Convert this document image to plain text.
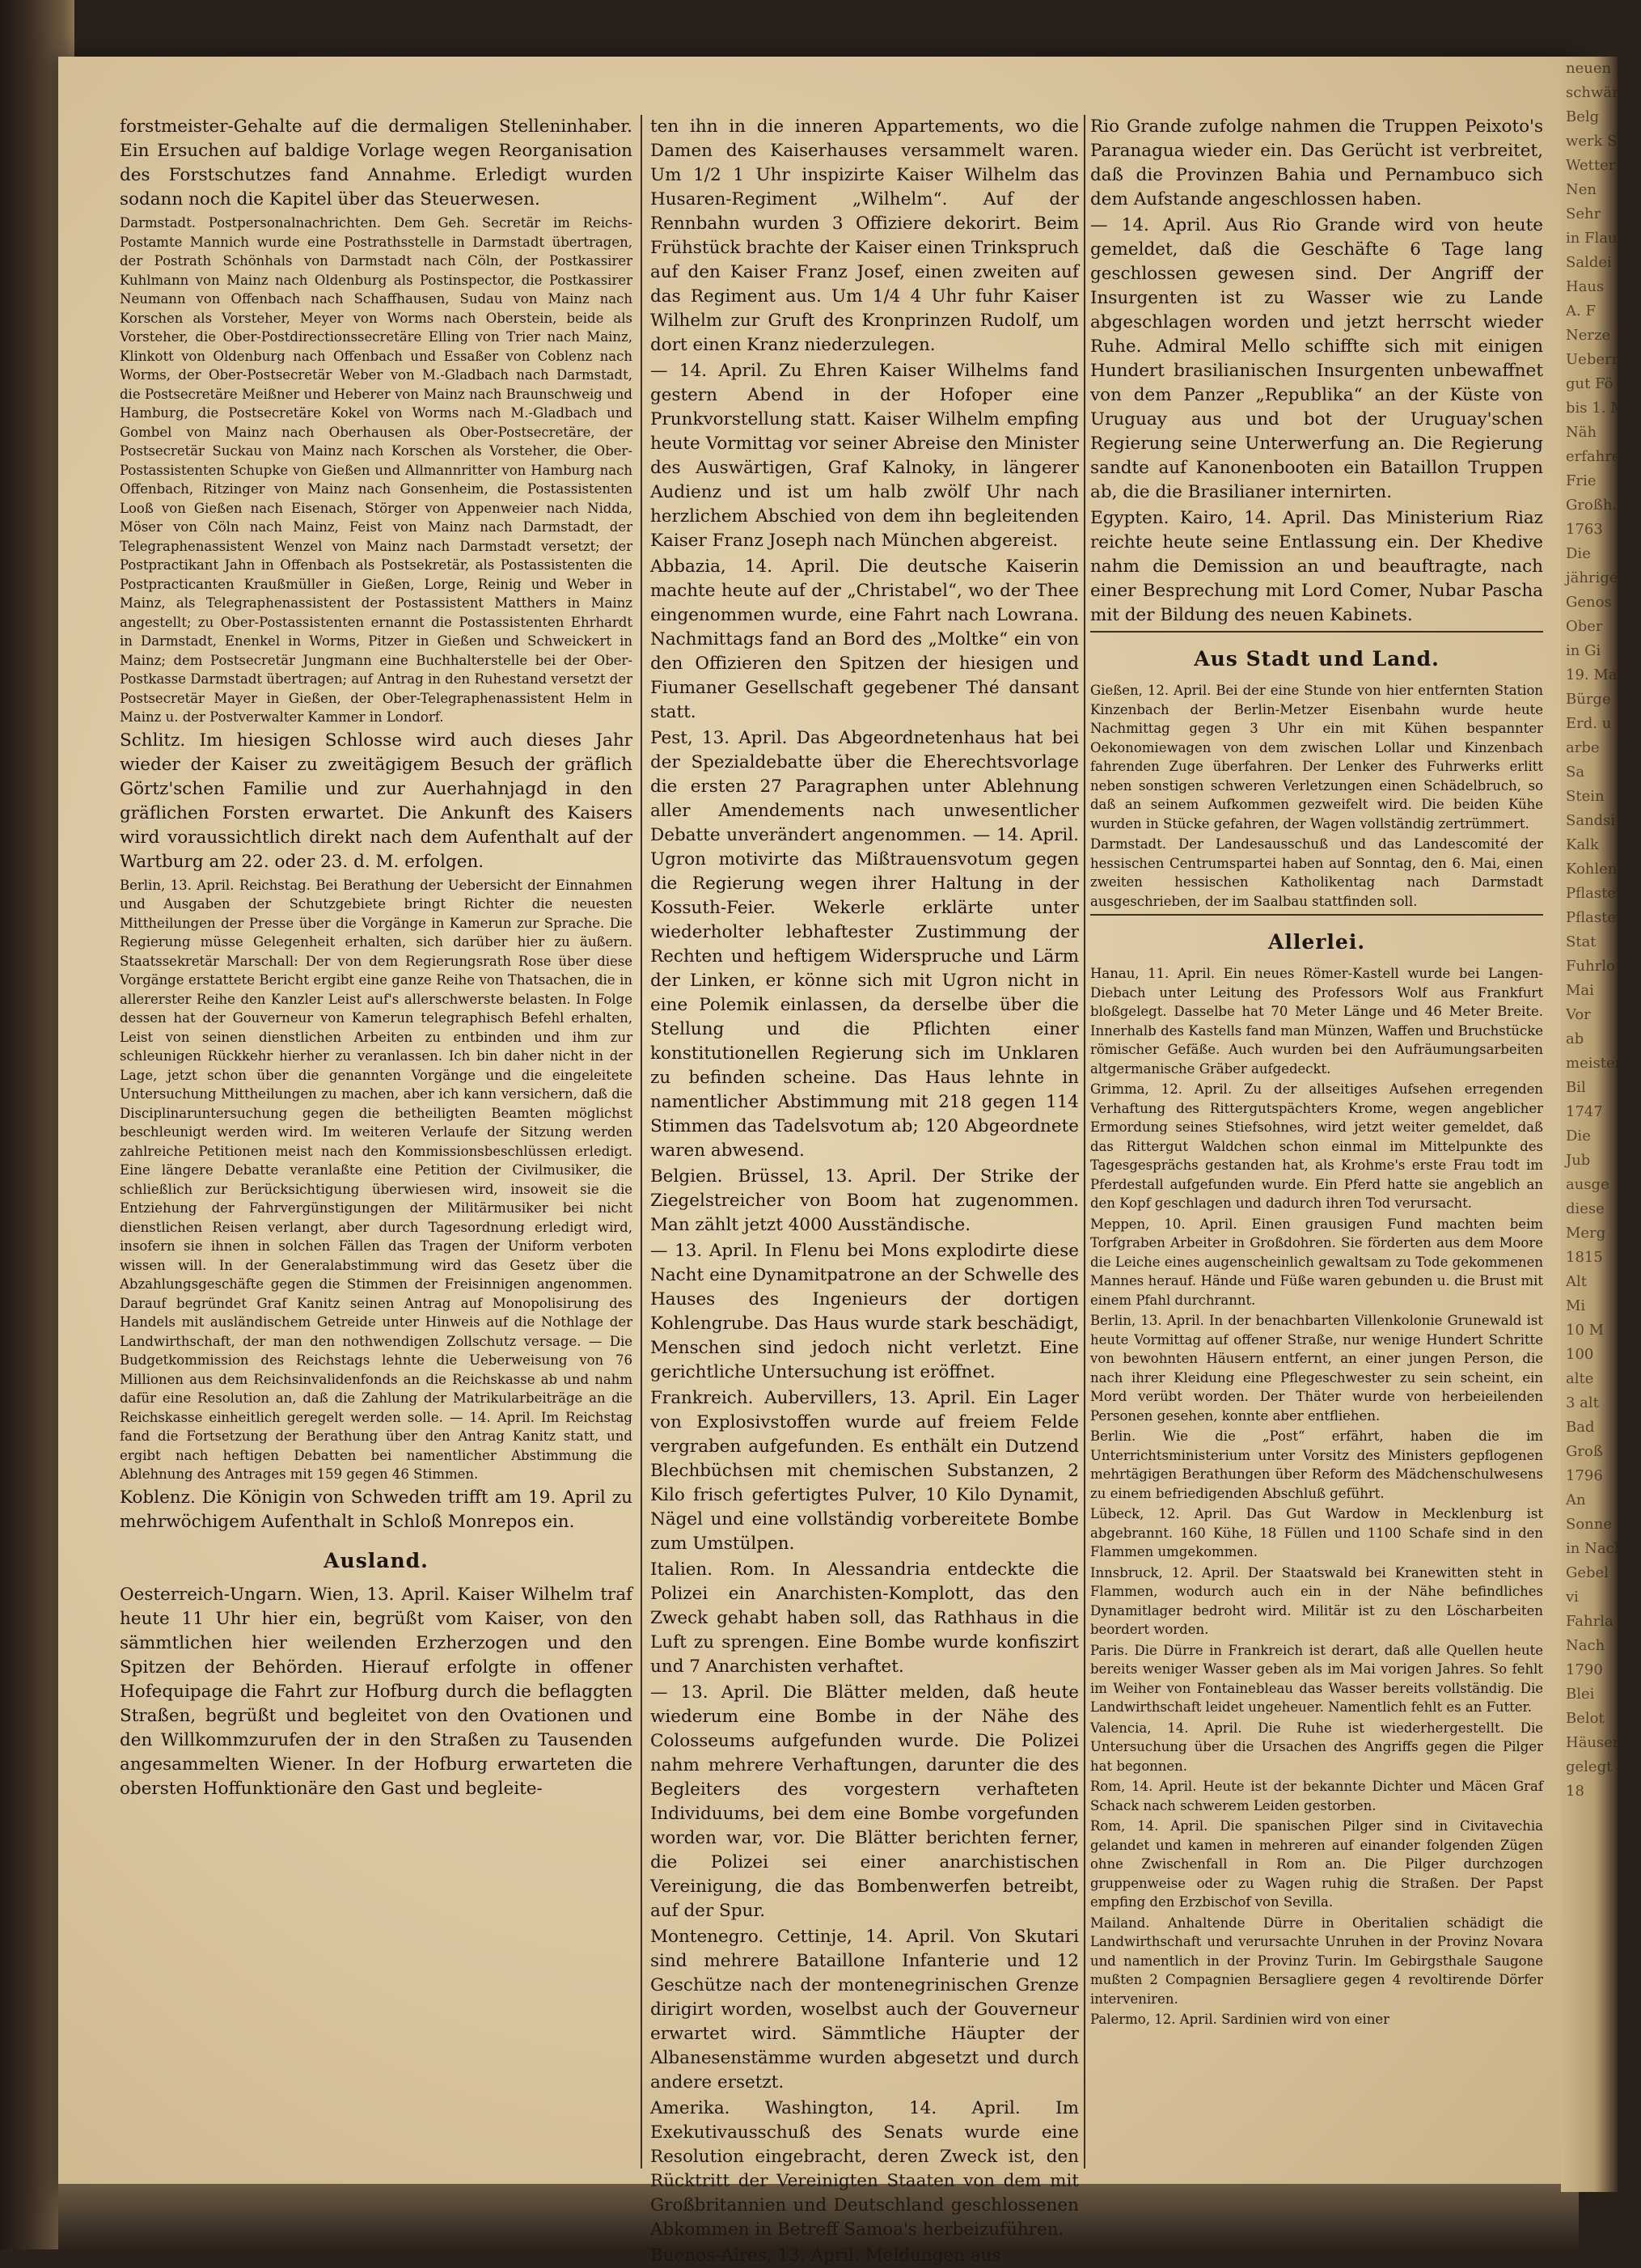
neuen Bl
schwärme
Belg
werk Se
Wetter
Nen
Sehr
in Flau
Saldei
Haus
A. F
Nerze
Ueberna
gut Fö
bis 1. M
Näh
erfahren
Frie
Großh.
1763
Die
jährige
Genos
Ober
in Gi
19. Ma
Bürge
Erd. u
arbe
Sa
Stein
Sandsi
Kalk
Kohlen
Pflaster
Pflaster
Stat
Fuhrlo
Mai
Vor
ab
meister
Bil
1747
Die
Jub
ausge
diese
Merg
1815
Alt
Mi
10 M
100
alte
3 alt
Bad
Groß
1796
An
Sonne
in Nach
Gebel
vi
Fahrla
Nach
1790
Blei
Belot
Häuser
gelegt
18

forstmeister-Gehalte auf die dermaligen Stelleninhaber. Ein Ersuchen auf baldige Vorlage wegen Reorganisation des Forstschutzes fand Annahme. Erledigt wurden sodann noch die Kapitel über das Steuerwesen.

Darmstadt. Postpersonalnachrichten. Dem Geh. Secretär im Reichs-Postamte Mannich wurde eine Postrathsstelle in Darmstadt übertragen, der Postrath Schönhals von Darmstadt nach Cöln, der Postkassirer Kuhlmann von Mainz nach Oldenburg als Postinspector, die Postkassirer Neumann von Offenbach nach Schaffhausen, Sudau von Mainz nach Korschen als Vorsteher, Meyer von Worms nach Oberstein, beide als Vorsteher, die Ober-Postdirectionssecretäre Elling von Trier nach Mainz, Klinkott von Oldenburg nach Offenbach und Essaßer von Coblenz nach Worms, der Ober-Postsecretär Weber von M.-Gladbach nach Darmstadt, die Postsecretäre Meißner und Heberer von Mainz nach Braunschweig und Hamburg, die Postsecretäre Kokel von Worms nach M.-Gladbach und Gombel von Mainz nach Oberhausen als Ober-Postsecretäre, der Postsecretär Suckau von Mainz nach Korschen als Vorsteher, die Ober-Postassistenten Schupke von Gießen und Allmannritter von Hamburg nach Offenbach, Ritzinger von Mainz nach Gonsenheim, die Postassistenten Looß von Gießen nach Eisenach, Störger von Appenweier nach Nidda, Möser von Cöln nach Mainz, Feist von Mainz nach Darmstadt, der Telegraphenassistent Wenzel von Mainz nach Darmstadt versetzt; der Postpractikant Jahn in Offenbach als Postsekretär, als Postassistenten die Postpracticanten Kraußmüller in Gießen, Lorge, Reinig und Weber in Mainz, als Telegraphenassistent der Postassistent Matthers in Mainz angestellt; zu Ober-Postassistenten ernannt die Postassistenten Ehrhardt in Darmstadt, Enenkel in Worms, Pitzer in Gießen und Schweickert in Mainz; dem Postsecretär Jungmann eine Buchhalterstelle bei der Ober-Postkasse Darmstadt übertragen; auf Antrag in den Ruhestand versetzt der Postsecretär Mayer in Gießen, der Ober-Telegraphenassistent Helm in Mainz u. der Postverwalter Kammer in Londorf.

Schlitz. Im hiesigen Schlosse wird auch dieses Jahr wieder der Kaiser zu zweitägigem Besuch der gräflich Görtz'schen Familie und zur Auerhahnjagd in den gräflichen Forsten erwartet. Die Ankunft des Kaisers wird voraussichtlich direkt nach dem Aufenthalt auf der Wartburg am 22. oder 23. d. M. erfolgen.

Berlin, 13. April. Reichstag. Bei Berathung der Uebersicht der Einnahmen und Ausgaben der Schutzgebiete bringt Richter die neuesten Mittheilungen der Presse über die Vorgänge in Kamerun zur Sprache. Die Regierung müsse Gelegenheit erhalten, sich darüber hier zu äußern. Staatssekretär Marschall: Der von dem Regierungsrath Rose über diese Vorgänge erstattete Bericht ergibt eine ganze Reihe von Thatsachen, die in allererster Reihe den Kanzler Leist auf's allerschwerste belasten. In Folge dessen hat der Gouverneur von Kamerun telegraphisch Befehl erhalten, Leist von seinen dienstlichen Arbeiten zu entbinden und ihm zur schleunigen Rückkehr hierher zu veranlassen. Ich bin daher nicht in der Lage, jetzt schon über die genannten Vorgänge und die eingeleitete Untersuchung Mittheilungen zu machen, aber ich kann versichern, daß die Disciplinaruntersuchung gegen die betheiligten Beamten möglichst beschleunigt werden wird. Im weiteren Verlaufe der Sitzung werden zahlreiche Petitionen meist nach den Kommissionsbeschlüssen erledigt. Eine längere Debatte veranlaßte eine Petition der Civilmusiker, die schließlich zur Berücksichtigung überwiesen wird, insoweit sie die Entziehung der Fahrvergünstigungen der Militärmusiker bei nicht dienstlichen Reisen verlangt, aber durch Tagesordnung erledigt wird, insofern sie ihnen in solchen Fällen das Tragen der Uniform verboten wissen will. In der Generalabstimmung wird das Gesetz über die Abzahlungsgeschäfte gegen die Stimmen der Freisinnigen angenommen. Darauf begründet Graf Kanitz seinen Antrag auf Monopolisirung des Handels mit ausländischem Getreide unter Hinweis auf die Nothlage der Landwirthschaft, der man den nothwendigen Zollschutz versage. — Die Budgetkommission des Reichstags lehnte die Ueberweisung von 76 Millionen aus dem Reichsinvalidenfonds an die Reichskasse ab und nahm dafür eine Resolution an, daß die Zahlung der Matrikularbeiträge an die Reichskasse einheitlich geregelt werden solle. — 14. April. Im Reichstag fand die Fortsetzung der Berathung über den Antrag Kanitz statt, und ergibt nach heftigen Debatten bei namentlicher Abstimmung die Ablehnung des Antrages mit 159 gegen 46 Stimmen.

Koblenz. Die Königin von Schweden trifft am 19. April zu mehrwöchigem Aufenthalt in Schloß Monrepos ein.

Ausland.

Oesterreich-Ungarn. Wien, 13. April. Kaiser Wilhelm traf heute 11 Uhr hier ein, begrüßt vom Kaiser, von den sämmtlichen hier weilenden Erzherzogen und den Spitzen der Behörden. Hierauf erfolgte in offener Hofequipage die Fahrt zur Hofburg durch die beflaggten Straßen, begrüßt und begleitet von den Ovationen und den Willkommzurufen der in den Straßen zu Tausenden angesammelten Wiener. In der Hofburg erwarteten die obersten Hoffunktionäre den Gast und begleite-

ten ihn in die inneren Appartements, wo die Damen des Kaiserhauses versammelt waren. Um 1/2 1 Uhr inspizirte Kaiser Wilhelm das Husaren-Regiment „Wilhelm“. Auf der Rennbahn wurden 3 Offiziere dekorirt. Beim Frühstück brachte der Kaiser einen Trinkspruch auf den Kaiser Franz Josef, einen zweiten auf das Regiment aus. Um 1/4 4 Uhr fuhr Kaiser Wilhelm zur Gruft des Kronprinzen Rudolf, um dort einen Kranz niederzulegen.

— 14. April. Zu Ehren Kaiser Wilhelms fand gestern Abend in der Hofoper eine Prunkvorstellung statt. Kaiser Wilhelm empfing heute Vormittag vor seiner Abreise den Minister des Auswärtigen, Graf Kalnoky, in längerer Audienz und ist um halb zwölf Uhr nach herzlichem Abschied von dem ihn begleitenden Kaiser Franz Joseph nach München abgereist.

Abbazia, 14. April. Die deutsche Kaiserin machte heute auf der „Christabel“, wo der Thee eingenommen wurde, eine Fahrt nach Lowrana. Nachmittags fand an Bord des „Moltke“ ein von den Offizieren den Spitzen der hiesigen und Fiumaner Gesellschaft gegebener Thé dansant statt.

Pest, 13. April. Das Abgeordnetenhaus hat bei der Spezialdebatte über die Eherechtsvorlage die ersten 27 Paragraphen unter Ablehnung aller Amendements nach unwesentlicher Debatte unverändert angenommen. — 14. April. Ugron motivirte das Mißtrauensvotum gegen die Regierung wegen ihrer Haltung in der Kossuth-Feier. Wekerle erklärte unter wiederholter lebhaftester Zustimmung der Rechten und heftigem Widerspruche und Lärm der Linken, er könne sich mit Ugron nicht in eine Polemik einlassen, da derselbe über die Stellung und die Pflichten einer konstitutionellen Regierung sich im Unklaren zu befinden scheine. Das Haus lehnte in namentlicher Abstimmung mit 218 gegen 114 Stimmen das Tadelsvotum ab; 120 Abgeordnete waren abwesend.

Belgien. Brüssel, 13. April. Der Strike der Ziegelstreicher von Boom hat zugenommen. Man zählt jetzt 4000 Ausständische.

— 13. April. In Flenu bei Mons explodirte diese Nacht eine Dynamitpatrone an der Schwelle des Hauses des Ingenieurs der dortigen Kohlengrube. Das Haus wurde stark beschädigt, Menschen sind jedoch nicht verletzt. Eine gerichtliche Untersuchung ist eröffnet.

Frankreich. Aubervillers, 13. April. Ein Lager von Explosivstoffen wurde auf freiem Felde vergraben aufgefunden. Es enthält ein Dutzend Blechbüchsen mit chemischen Substanzen, 2 Kilo frisch gefertigtes Pulver, 10 Kilo Dynamit, Nägel und eine vollständig vorbereitete Bombe zum Umstülpen.

Italien. Rom. In Alessandria entdeckte die Polizei ein Anarchisten-Komplott, das den Zweck gehabt haben soll, das Rathhaus in die Luft zu sprengen. Eine Bombe wurde konfiszirt und 7 Anarchisten verhaftet.

— 13. April. Die Blätter melden, daß heute wiederum eine Bombe in der Nähe des Colosseums aufgefunden wurde. Die Polizei nahm mehrere Verhaftungen, darunter die des Begleiters des vorgestern verhafteten Individuums, bei dem eine Bombe vorgefunden worden war, vor. Die Blätter berichten ferner, die Polizei sei einer anarchistischen Vereinigung, die das Bombenwerfen betreibt, auf der Spur.

Montenegro. Cettinje, 14. April. Von Skutari sind mehrere Bataillone Infanterie und 12 Geschütze nach der montenegrinischen Grenze dirigirt worden, woselbst auch der Gouverneur erwartet wird. Sämmtliche Häupter der Albanesenstämme wurden abgesetzt und durch andere ersetzt.

Amerika. Washington, 14. April. Im Exekutivausschuß des Senats wurde eine Resolution eingebracht, deren Zweck ist, den Rücktritt der Vereinigten Staaten von dem mit Großbritannien und Deutschland geschlossenen Abkommen in Betreff Samoa's herbeizuführen.

Buenos-Aires, 13. April. Meldungen aus

Rio Grande zufolge nahmen die Truppen Peixoto's Paranagua wieder ein. Das Gerücht ist verbreitet, daß die Provinzen Bahia und Pernambuco sich dem Aufstande angeschlossen haben.

— 14. April. Aus Rio Grande wird von heute gemeldet, daß die Geschäfte 6 Tage lang geschlossen gewesen sind. Der Angriff der Insurgenten ist zu Wasser wie zu Lande abgeschlagen worden und jetzt herrscht wieder Ruhe. Admiral Mello schiffte sich mit einigen Hundert brasilianischen Insurgenten unbewaffnet von dem Panzer „Republika“ an der Küste von Uruguay aus und bot der Uruguay'schen Regierung seine Unterwerfung an. Die Regierung sandte auf Kanonenbooten ein Bataillon Truppen ab, die die Brasilianer internirten.

Egypten. Kairo, 14. April. Das Ministerium Riaz reichte heute seine Entlassung ein. Der Khedive nahm die Demission an und beauftragte, nach einer Besprechung mit Lord Comer, Nubar Pascha mit der Bildung des neuen Kabinets.

Aus Stadt und Land.

Gießen, 12. April. Bei der eine Stunde von hier entfernten Station Kinzenbach der Berlin-Metzer Eisenbahn wurde heute Nachmittag gegen 3 Uhr ein mit Kühen bespannter Oekonomiewagen von dem zwischen Lollar und Kinzenbach fahrenden Zuge überfahren. Der Lenker des Fuhrwerks erlitt neben sonstigen schweren Verletzungen einen Schädelbruch, so daß an seinem Aufkommen gezweifelt wird. Die beiden Kühe wurden in Stücke gefahren, der Wagen vollständig zertrümmert.

Darmstadt. Der Landesausschuß und das Landescomité der hessischen Centrumspartei haben auf Sonntag, den 6. Mai, einen zweiten hessischen Katholikentag nach Darmstadt ausgeschrieben, der im Saalbau stattfinden soll.

Allerlei.

Hanau, 11. April. Ein neues Römer-Kastell wurde bei Langen-Diebach unter Leitung des Professors Wolf aus Frankfurt bloßgelegt. Dasselbe hat 70 Meter Länge und 46 Meter Breite. Innerhalb des Kastells fand man Münzen, Waffen und Bruchstücke römischer Gefäße. Auch wurden bei den Aufräumungsarbeiten altgermanische Gräber aufgedeckt.

Grimma, 12. April. Zu der allseitiges Aufsehen erregenden Verhaftung des Rittergutspächters Krome, wegen angeblicher Ermordung seines Stiefsohnes, wird jetzt weiter gemeldet, daß das Rittergut Waldchen schon einmal im Mittelpunkte des Tagesgesprächs gestanden hat, als Krohme's erste Frau todt im Pferdestall aufgefunden wurde. Ein Pferd hatte sie angeblich an den Kopf geschlagen und dadurch ihren Tod verursacht.

Meppen, 10. April. Einen grausigen Fund machten beim Torfgraben Arbeiter in Großdohren. Sie förderten aus dem Moore die Leiche eines augenscheinlich gewaltsam zu Tode gekommenen Mannes herauf. Hände und Füße waren gebunden u. die Brust mit einem Pfahl durchrannt.

Berlin, 13. April. In der benachbarten Villenkolonie Grunewald ist heute Vormittag auf offener Straße, nur wenige Hundert Schritte von bewohnten Häusern entfernt, an einer jungen Person, die nach ihrer Kleidung eine Pflegeschwester zu sein scheint, ein Mord verübt worden. Der Thäter wurde von herbeieilenden Personen gesehen, konnte aber entfliehen.

Berlin. Wie die „Post“ erfährt, haben die im Unterrichtsministerium unter Vorsitz des Ministers gepflogenen mehrtägigen Berathungen über Reform des Mädchenschulwesens zu einem befriedigenden Abschluß geführt.

Lübeck, 12. April. Das Gut Wardow in Mecklenburg ist abgebrannt. 160 Kühe, 18 Füllen und 1100 Schafe sind in den Flammen umgekommen.

Innsbruck, 12. April. Der Staatswald bei Kranewitten steht in Flammen, wodurch auch ein in der Nähe befindliches Dynamitlager bedroht wird. Militär ist zu den Löscharbeiten beordert worden.

Paris. Die Dürre in Frankreich ist derart, daß alle Quellen heute bereits weniger Wasser geben als im Mai vorigen Jahres. So fehlt im Weiher von Fontainebleau das Wasser bereits vollständig. Die Landwirthschaft leidet ungeheuer. Namentlich fehlt es an Futter.

Valencia, 14. April. Die Ruhe ist wiederhergestellt. Die Untersuchung über die Ursachen des Angriffs gegen die Pilger hat begonnen.

Rom, 14. April. Heute ist der bekannte Dichter und Mäcen Graf Schack nach schwerem Leiden gestorben.

Rom, 14. April. Die spanischen Pilger sind in Civitavechia gelandet und kamen in mehreren auf einander folgenden Zügen ohne Zwischenfall in Rom an. Die Pilger durchzogen gruppenweise oder zu Wagen ruhig die Straßen. Der Papst empfing den Erzbischof von Sevilla.

Mailand. Anhaltende Dürre in Oberitalien schädigt die Landwirthschaft und verursachte Unruhen in der Provinz Novara und namentlich in der Provinz Turin. Im Gebirgsthale Saugone mußten 2 Compagnien Bersagliere gegen 4 revoltirende Dörfer interveniren.

Palermo, 12. April. Sardinien wird von einer
